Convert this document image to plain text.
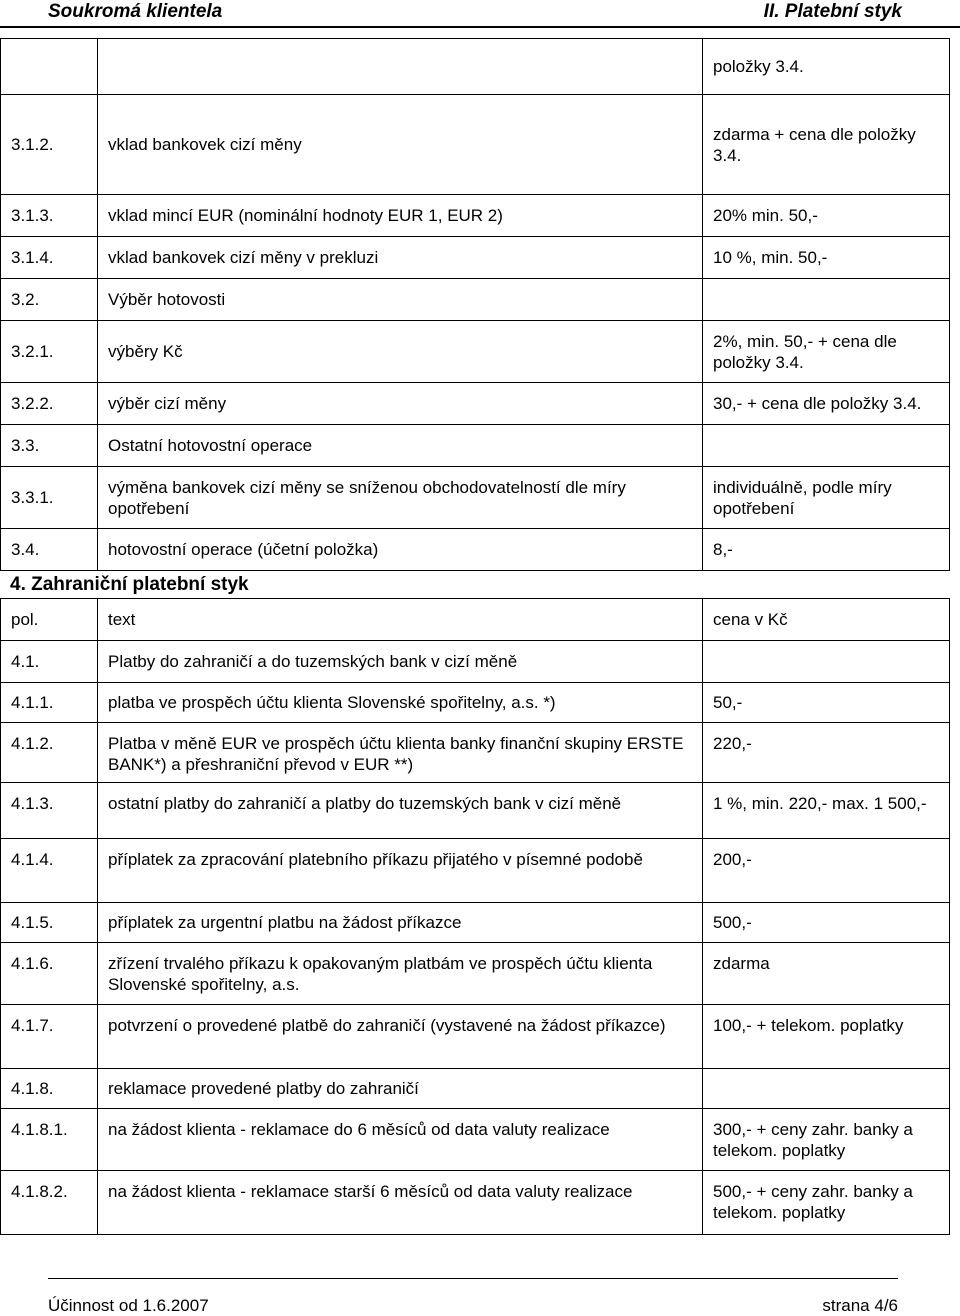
Soukromá klientela	II. Platební styk
		položky 3.4.
3.1.2.	vklad bankovek cizí měny	zdarma + cena dle položky 3.4.
3.1.3.	vklad mincí EUR (nominální hodnoty EUR 1, EUR 2)	20% min. 50,-
3.1.4.	vklad bankovek cizí měny v prekluzi	10 %, min. 50,-
3.2.	Výběr hotovosti	
3.2.1.	výběry Kč	2%, min. 50,- + cena dle položky 3.4.
3.2.2.	výběr cizí měny	30,- + cena dle položky 3.4.
3.3.	Ostatní hotovostní operace	
3.3.1.	výměna bankovek cizí měny se sníženou obchodovatelností dle míry opotřebení	individuálně, podle míry opotřebení
3.4.	hotovostní operace (účetní položka)	8,-
4. Zahraniční platební styk
pol.	text	cena v Kč
4.1.	Platby do zahraničí a do tuzemských bank v cizí měně	
4.1.1.	platba ve prospěch účtu klienta Slovenské spořitelny, a.s. *)	50,-
4.1.2.	Platba v měně EUR ve prospěch účtu klienta banky finanční skupiny ERSTE BANK*) a přeshraniční převod v EUR **)	220,-
4.1.3.	ostatní platby do zahraničí a platby do tuzemských bank v cizí měně	1 %, min. 220,- max. 1 500,-
4.1.4.	příplatek za zpracování platebního příkazu přijatého v písemné podobě	200,-
4.1.5.	příplatek za urgentní platbu na žádost příkazce	500,-
4.1.6.	zřízení trvalého příkazu k opakovaným platbám ve prospěch účtu klienta Slovenské spořitelny, a.s.	zdarma
4.1.7.	potvrzení o provedené platbě do zahraničí (vystavené na žádost příkazce)	100,- + telekom. poplatky
4.1.8.	reklamace provedené platby do zahraničí	
4.1.8.1.	na žádost klienta - reklamace do 6 měsíců od data valuty realizace	300,- + ceny zahr. banky a telekom. poplatky
4.1.8.2.	na žádost klienta - reklamace starší 6 měsíců od data valuty realizace	500,- + ceny zahr. banky a telekom. poplatky
Účinnost od 1.6.2007	strana 4/6
